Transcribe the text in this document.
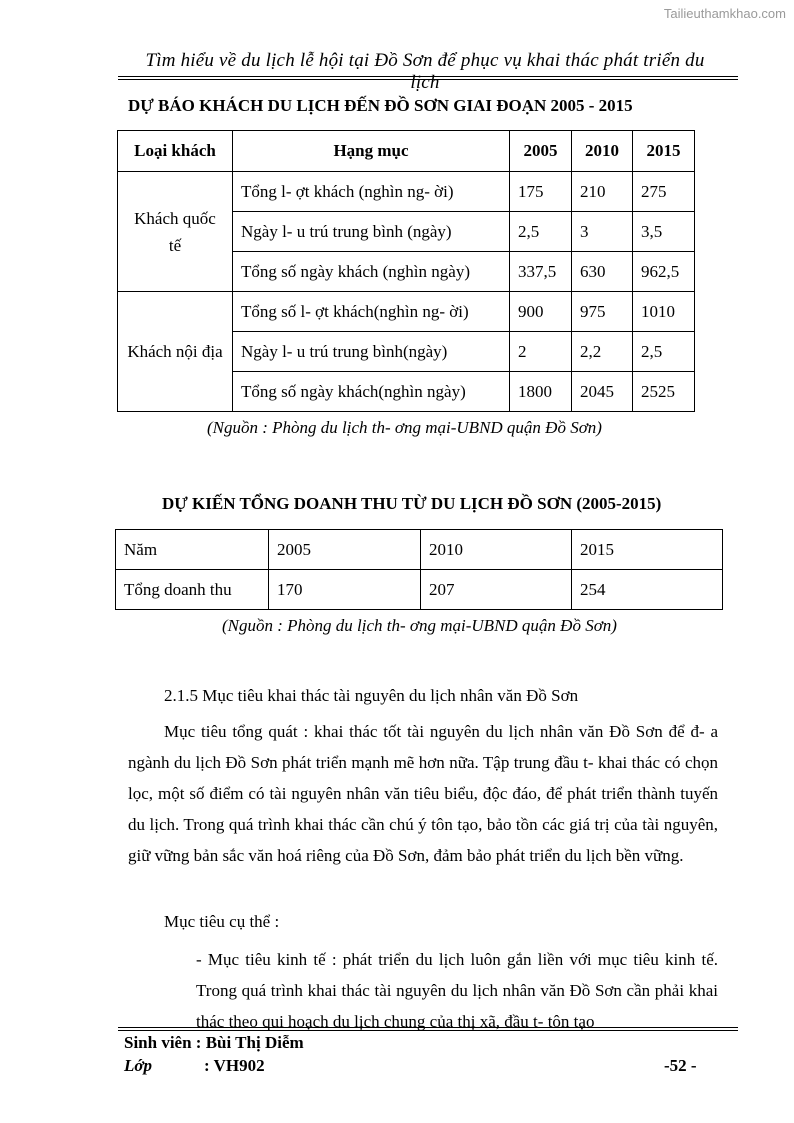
Tailieuthamkhao.com
Tìm hiểu về du lịch lễ hội tại Đồ Sơn để phục vụ khai thác phát triển du lịch
DỰ BÁO KHÁCH DU LỊCH ĐẾN ĐỒ SƠN GIAI ĐOẠN 2005 - 2015
Loại khách	Hạng mục	2005	2010	2015
Khách quốc tế	Tổng l- ợt khách (nghìn ng- ời)	175	210	275
	Ngày l- u trú trung bình (ngày)	2,5	3	3,5
	Tổng số ngày khách (nghìn ngày)	337,5	630	962,5
Khách nội địa	Tổng số l- ợt khách(nghìn ng- ời)	900	975	1010
	Ngày l- u trú trung bình(ngày)	2	2,2	2,5
	Tổng số ngày khách(nghìn ngày)	1800	2045	2525
(Nguồn : Phòng du lịch th- ơng mại-UBND quận Đồ Sơn)
DỰ KIẾN TỔNG DOANH THU TỪ DU LỊCH ĐỒ SƠN (2005-2015)
Năm	2005	2010	2015
Tổng doanh thu	170	207	254
(Nguồn : Phòng du lịch th- ơng mại-UBND quận Đồ Sơn)
2.1.5 Mục tiêu khai thác tài nguyên du lịch nhân văn Đồ Sơn
Mục tiêu tổng quát : khai thác tốt tài nguyên du lịch nhân văn Đồ Sơn để đ- a ngành du lịch Đồ Sơn phát triển mạnh mẽ hơn nữa. Tập trung đầu t- khai thác có chọn lọc, một số điểm có tài nguyên nhân văn tiêu biểu, độc đáo, để phát triển thành tuyến du lịch. Trong quá trình khai thác cần chú ý tôn tạo, bảo tồn các giá trị của tài nguyên, giữ vững bản sắc văn hoá riêng của Đồ Sơn, đảm bảo phát triển du lịch bền vững.
Mục tiêu cụ thể :
- Mục tiêu kinh tế : phát triển du lịch luôn gắn liền với mục tiêu kinh tế. Trong quá trình khai thác tài nguyên du lịch nhân văn Đồ Sơn cần phải khai thác theo qui hoạch du lịch chung của thị xã, đầu t- tôn tạo
Sinh viên : Bùi Thị Diễm
Lớp	: VH902	-52 -
